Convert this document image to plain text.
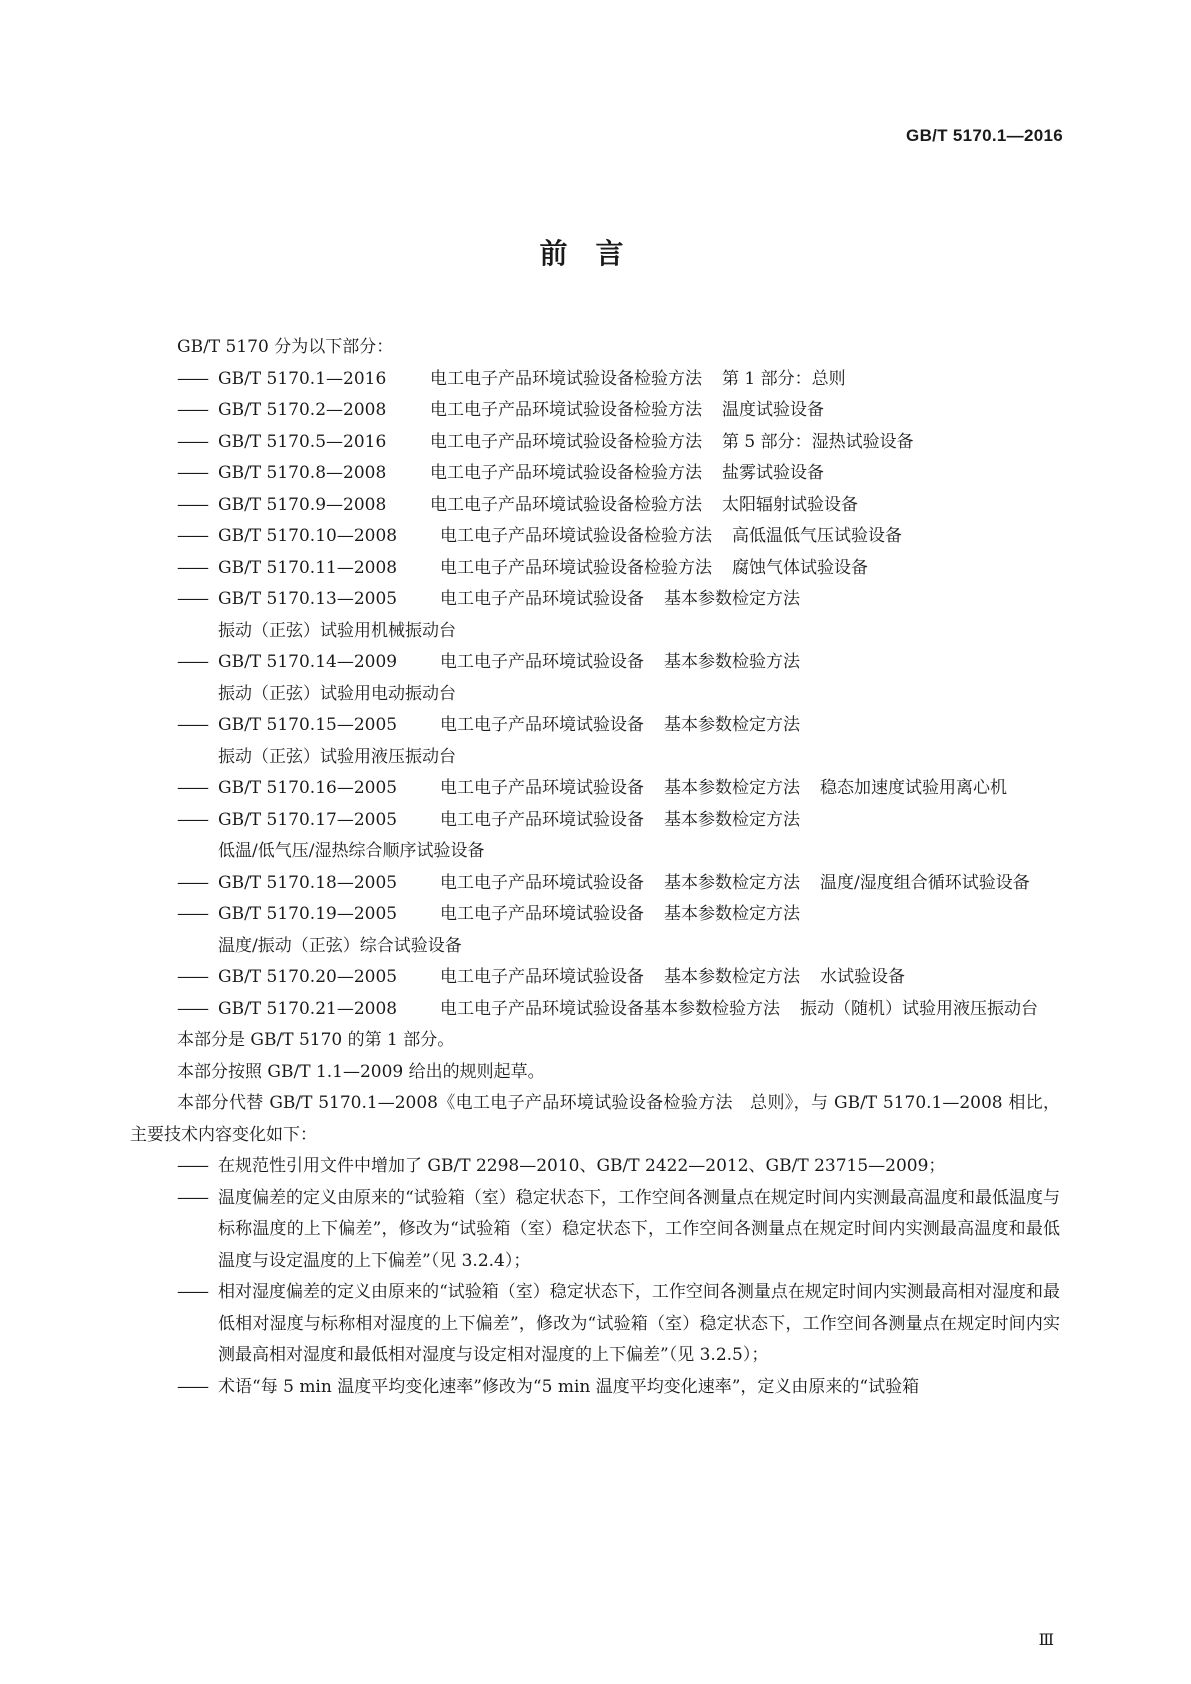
GB/T 5170.1—2016
前言
GB/T 5170 分为以下部分：
—— GB/T 5170.1—2016	电工电子产品环境试验设备检验方法 第 1 部分：总则
—— GB/T 5170.2—2008	电工电子产品环境试验设备检验方法 温度试验设备
—— GB/T 5170.5—2016	电工电子产品环境试验设备检验方法 第 5 部分：湿热试验设备
—— GB/T 5170.8—2008	电工电子产品环境试验设备检验方法 盐雾试验设备
—— GB/T 5170.9—2008	电工电子产品环境试验设备检验方法 太阳辐射试验设备
—— GB/T 5170.10—2008	电工电子产品环境试验设备检验方法 高低温低气压试验设备
—— GB/T 5170.11—2008	电工电子产品环境试验设备检验方法 腐蚀气体试验设备
—— GB/T 5170.13—2005	电工电子产品环境试验设备 基本参数检定方法振动（正弦）试验用机械振动台
—— GB/T 5170.14—2009	电工电子产品环境试验设备 基本参数检验方法振动（正弦）试验用电动振动台
—— GB/T 5170.15—2005	电工电子产品环境试验设备 基本参数检定方法振动（正弦）试验用液压振动台
—— GB/T 5170.16—2005	电工电子产品环境试验设备 基本参数检定方法 稳态加速度试验用离心机
—— GB/T 5170.17—2005	电工电子产品环境试验设备 基本参数检定方法低温/低气压/湿热综合顺序试验设备
—— GB/T 5170.18—2005	电工电子产品环境试验设备 基本参数检定方法 温度/湿度组合循环试验设备
—— GB/T 5170.19—2005	电工电子产品环境试验设备 基本参数检定方法温度/振动（正弦）综合试验设备
—— GB/T 5170.20—2005	电工电子产品环境试验设备 基本参数检定方法 水试验设备
—— GB/T 5170.21—2008	电工电子产品环境试验设备基本参数检验方法 振动（随机）试验用液压振动台
本部分是 GB/T 5170 的第 1 部分。
本部分按照 GB/T 1.1—2009 给出的规则起草。
本部分代替 GB/T 5170.1—2008《电工电子产品环境试验设备检验方法　总则》，与 GB/T 5170.1—2008 相比，主要技术内容变化如下：
—— 在规范性引用文件中增加了 GB/T 2298—2010、GB/T 2422—2012、GB/T 23715—2009；
—— 温度偏差的定义由原来的“试验箱（室）稳定状态下，工作空间各测量点在规定时间内实测最高温度和最低温度与标称温度的上下偏差”，修改为“试验箱（室）稳定状态下，工作空间各测量点在规定时间内实测最高温度和最低温度与设定温度的上下偏差”（见 3.2.4）；
—— 相对湿度偏差的定义由原来的“试验箱（室）稳定状态下，工作空间各测量点在规定时间内实测最高相对湿度和最低相对湿度与标称相对湿度的上下偏差”，修改为“试验箱（室）稳定状态下，工作空间各测量点在规定时间内实测最高相对湿度和最低相对湿度与设定相对湿度的上下偏差”（见 3.2.5）；
—— 术语“每 5 min 温度平均变化速率”修改为“5 min 温度平均变化速率”，定义由原来的“试验箱
Ⅲ
